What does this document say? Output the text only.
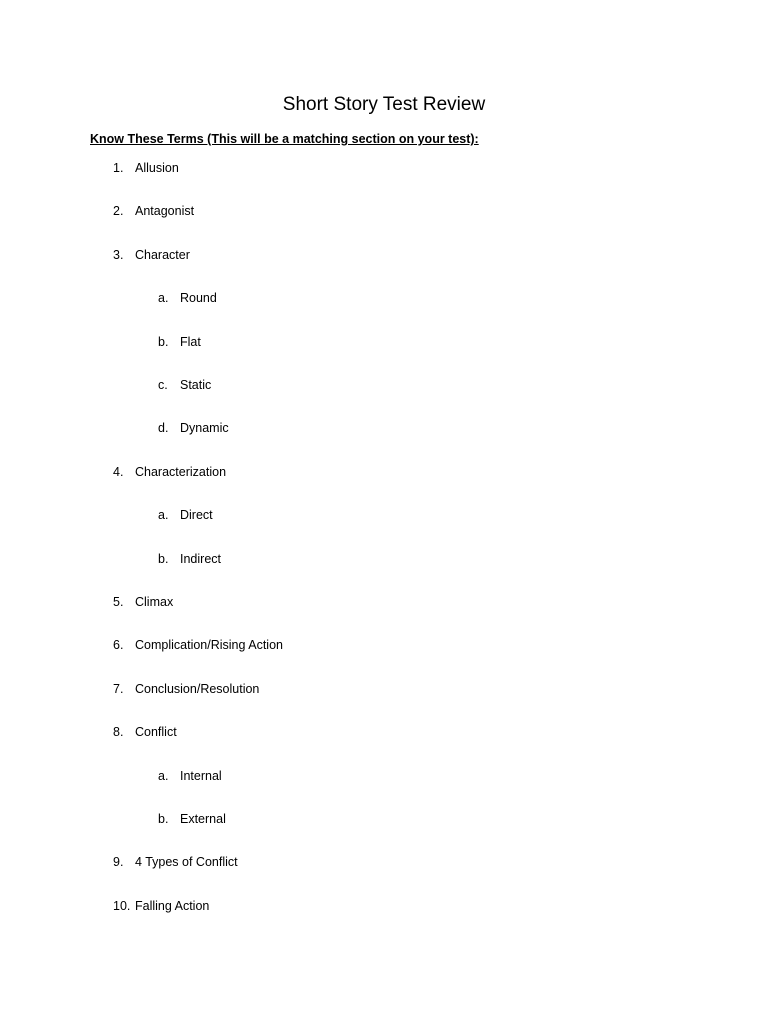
Short Story Test Review
Know These Terms (This will be a matching section on your test):
1. Allusion
2. Antagonist
3. Character
a. Round
b. Flat
c. Static
d. Dynamic
4. Characterization
a. Direct
b. Indirect
5. Climax
6. Complication/Rising Action
7. Conclusion/Resolution
8. Conflict
a. Internal
b. External
9. 4 Types of Conflict
10. Falling Action
